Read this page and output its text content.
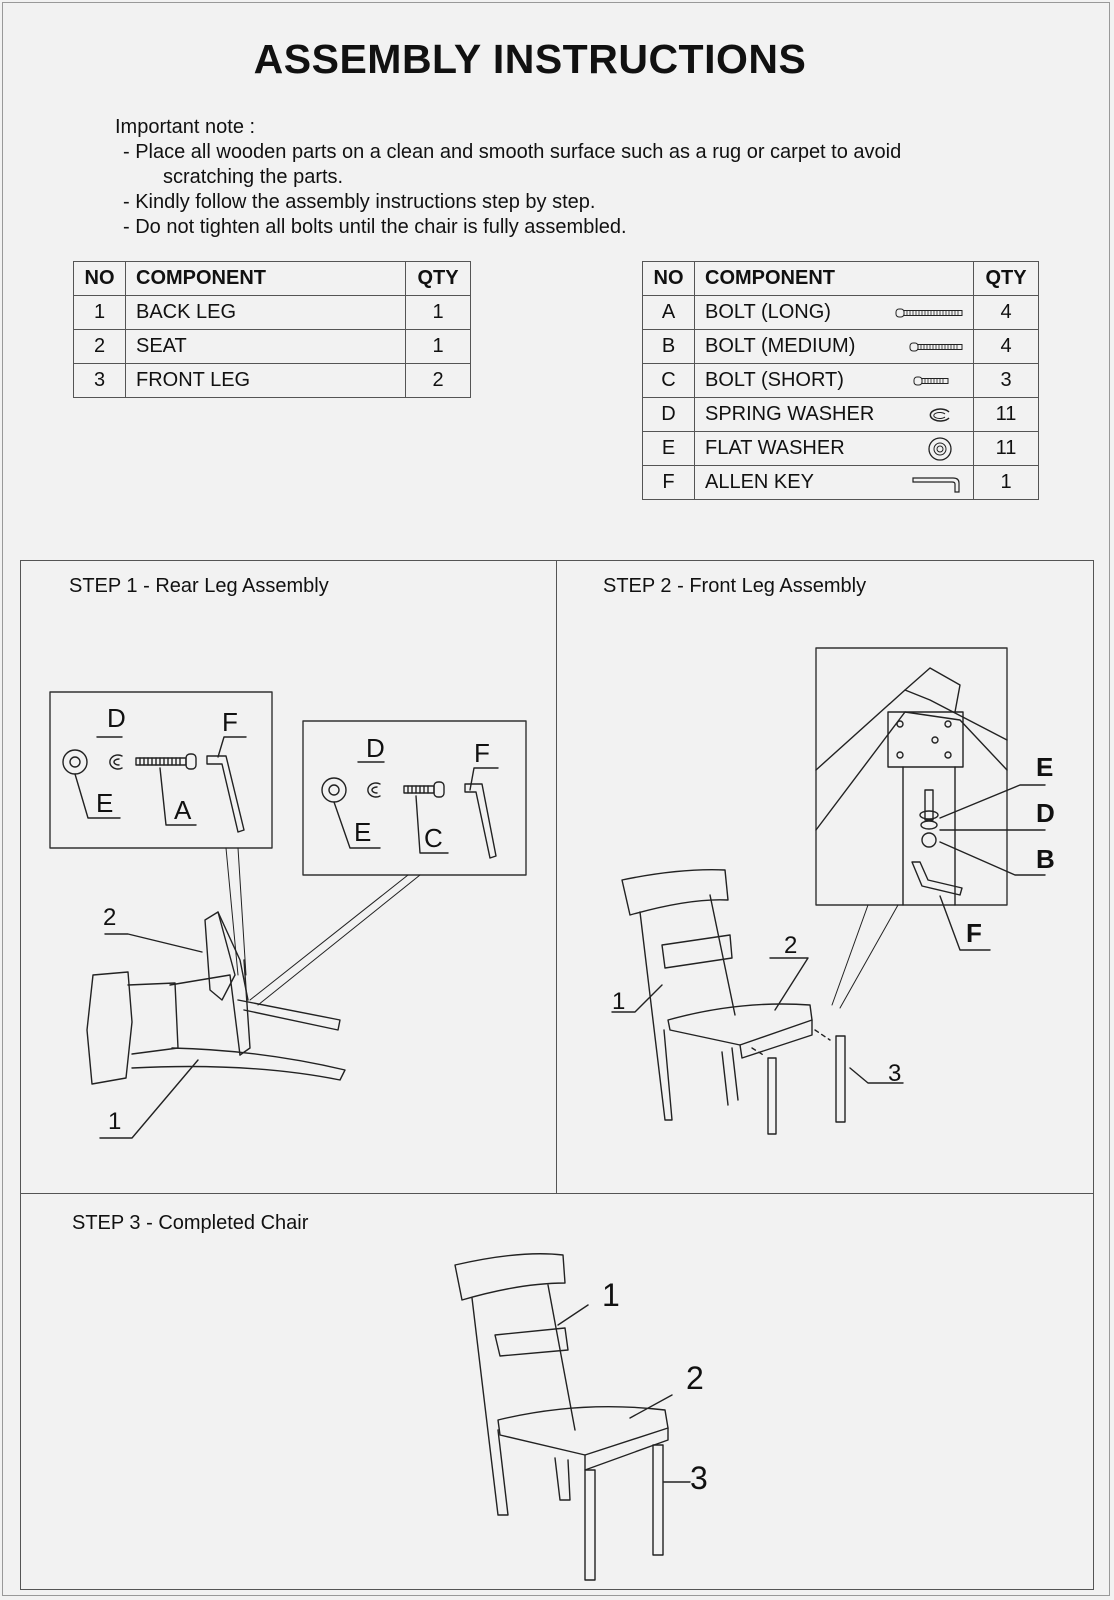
ASSEMBLY INSTRUCTIONS
Important note :
- Place all wooden parts on a clean and smooth surface such as a rug or carpet to avoid
scratching the parts.
- Kindly follow the assembly instructions step by step.
- Do not tighten all bolts until the chair is fully assembled.
NO	COMPONENT	QTY
1	BACK LEG	1
2	SEAT	1
3	FRONT LEG	2
NO	COMPONENT	QTY
A	BOLT (LONG)	4
B	BOLT (MEDIUM)	4
C	BOLT (SHORT)	3
D	SPRING WASHER	11
E	FLAT WASHER	11
F	ALLEN KEY	1
STEP 1 - Rear Leg Assembly	STEP 2 - Front Leg Assembly
STEP 3 - Completed Chair
D	F
E A
D	F
E C
2
1
E
D
B
F
1
2
3
1
2
3
